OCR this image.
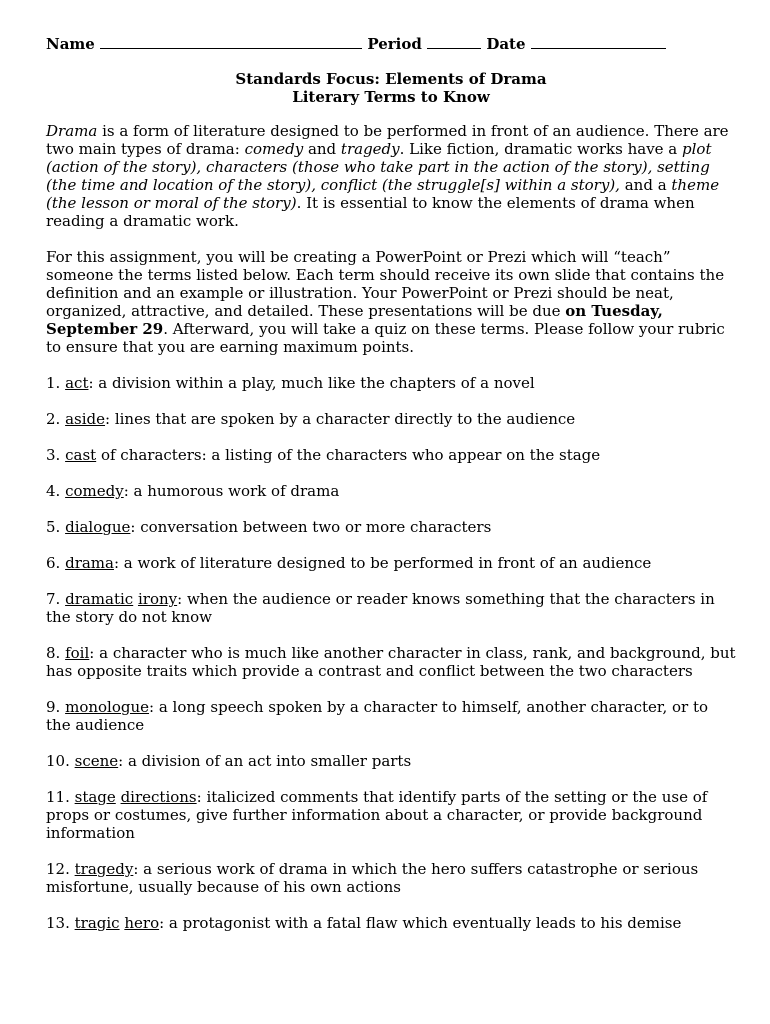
Name	Period	Date
Standards Focus: Elements of Drama
Literary Terms to Know
Drama is a form of literature designed to be performed in front of an audience. There are two main types of drama: comedy and tragedy. Like fiction, dramatic works have a plot (action of the story), characters (those who take part in the action of the story), setting (the time and location of the story), conflict (the struggle[s] within a story), and a theme (the lesson or moral of the story). It is essential to know the elements of drama when reading a dramatic work.
For this assignment, you will be creating a PowerPoint or Prezi which will “teach” someone the terms listed below. Each term should receive its own slide that contains the definition and an example or illustration. Your PowerPoint or Prezi should be neat, organized, attractive, and detailed. These presentations will be due on Tuesday, September 29. Afterward, you will take a quiz on these terms. Please follow your rubric to ensure that you are earning maximum points.
1. act: a division within a play, much like the chapters of a novel
2. aside: lines that are spoken by a character directly to the audience
3. cast of characters: a listing of the characters who appear on the stage
4. comedy: a humorous work of drama
5. dialogue: conversation between two or more characters
6. drama: a work of literature designed to be performed in front of an audience
7. dramatic irony: when the audience or reader knows something that the characters in the story do not know
8. foil: a character who is much like another character in class, rank, and background, but has opposite traits which provide a contrast and conflict between the two characters
9. monologue: a long speech spoken by a character to himself, another character, or to the audience
10. scene: a division of an act into smaller parts
11. stage directions: italicized comments that identify parts of the setting or the use of props or costumes, give further information about a character, or provide background information
12. tragedy: a serious work of drama in which the hero suffers catastrophe or serious misfortune, usually because of his own actions
13. tragic hero: a protagonist with a fatal flaw which eventually leads to his demise
